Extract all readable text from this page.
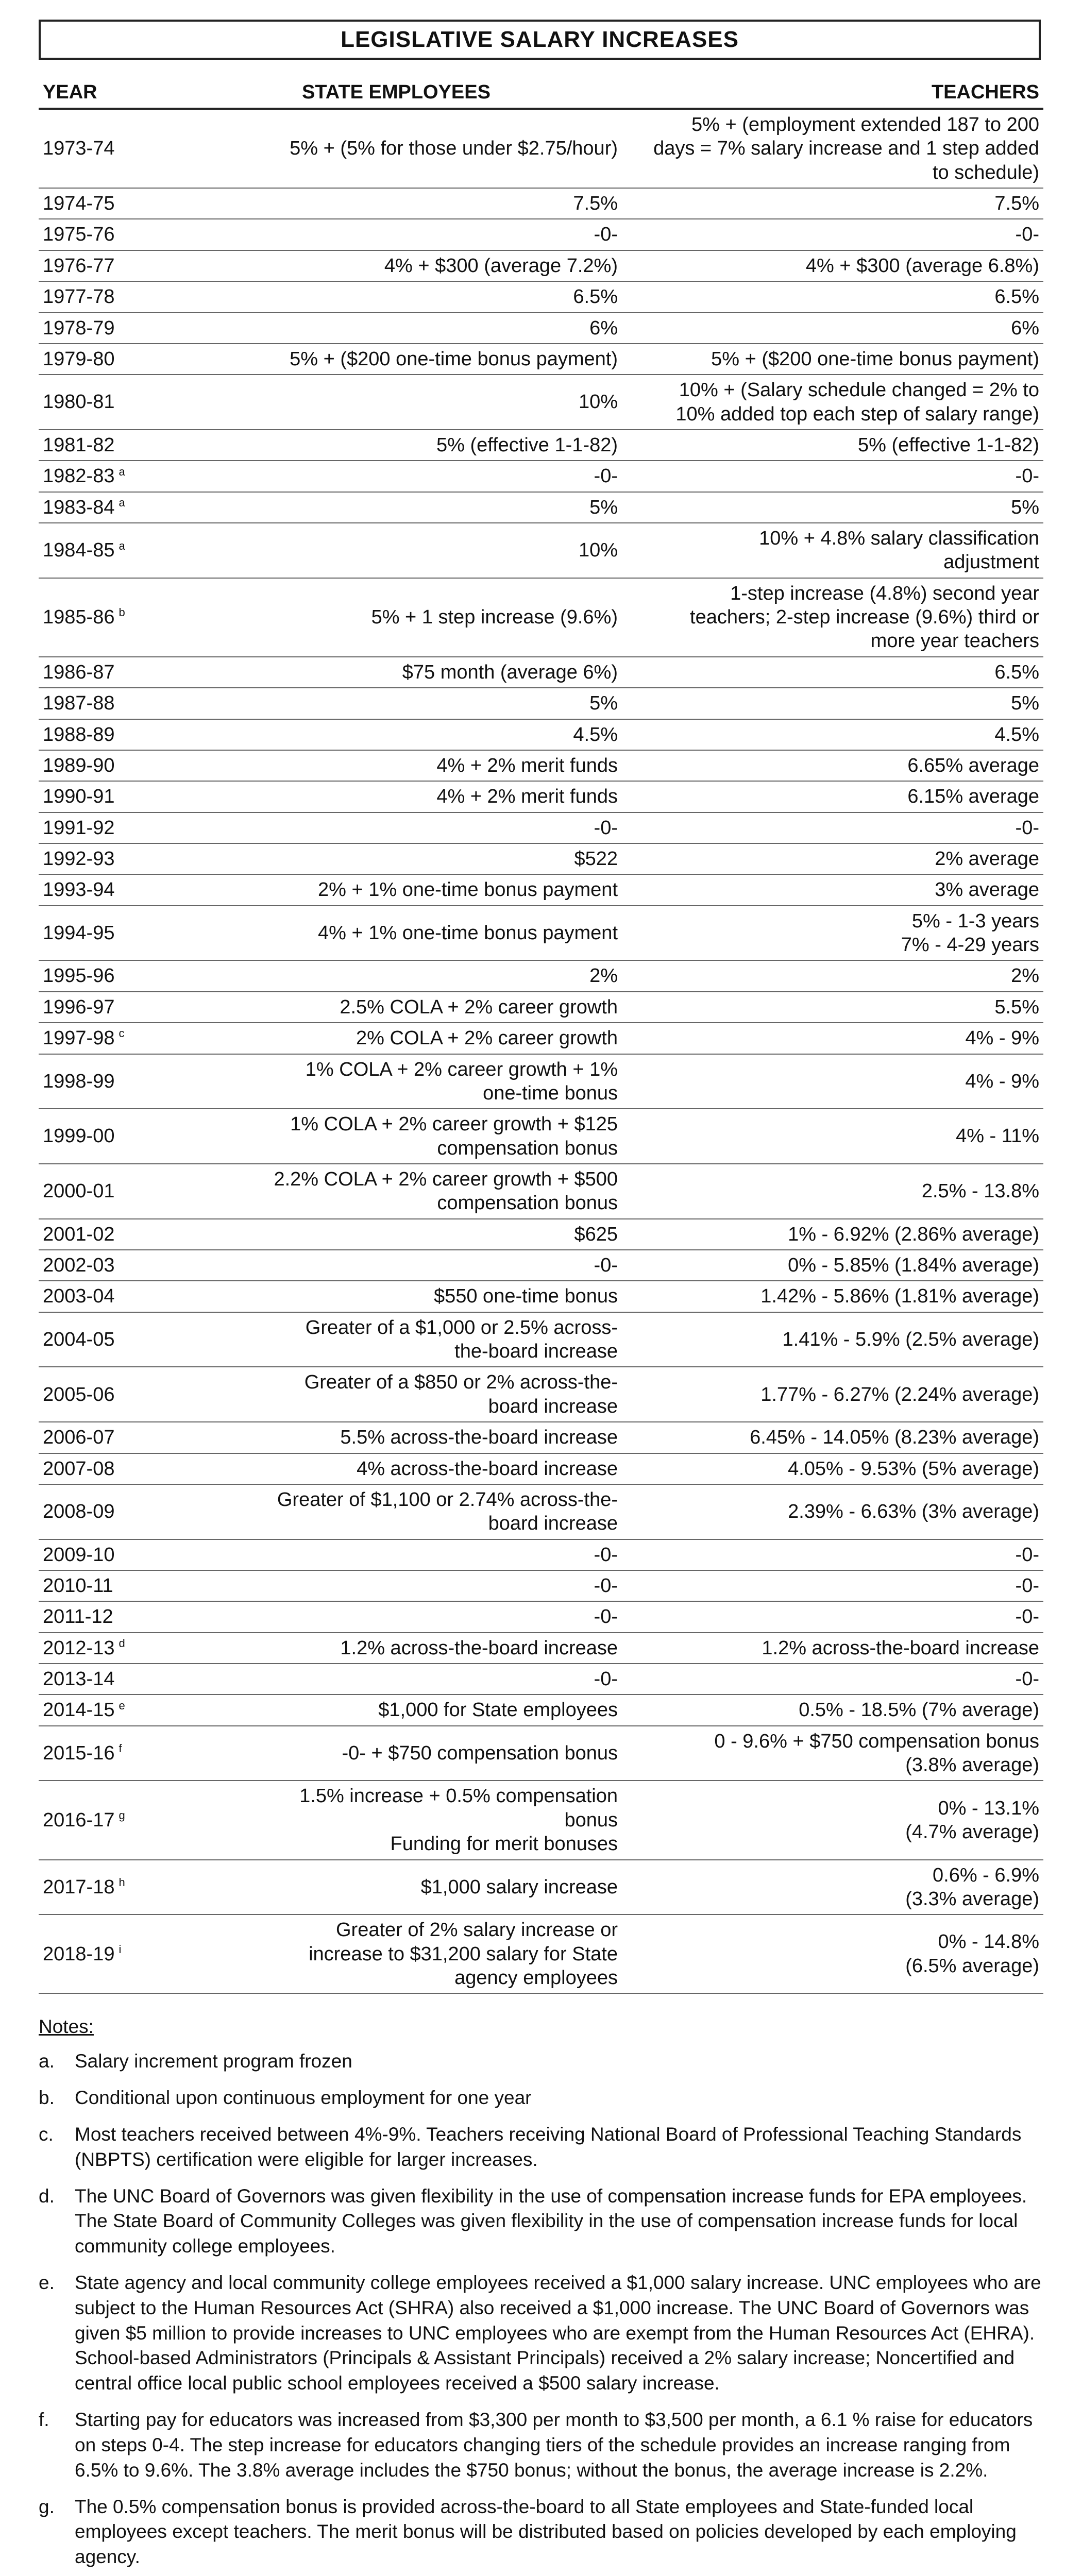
LEGISLATIVE SALARY INCREASES
YEAR	STATE EMPLOYEES	TEACHERS
1973-74	5% + (5% for those under $2.75/hour)	5% + (employment extended 187 to 200
days = 7% salary increase and 1 step added
to schedule)

1974-75	7.5%	7.5%

1975-76	-0-	-0-

1976-77	4% + $300 (average 7.2%)	4% + $300 (average 6.8%)

1977-78	6.5%	6.5%

1978-79	6%	6%

1979-80	5% + ($200 one-time bonus payment)	5% + ($200 one-time bonus payment)

1980-81	10%	10% + (Salary schedule changed = 2% to
10% added top each step of salary range)

1981-82	5% (effective 1-1-82)	5% (effective 1-1-82)

1982-83 $^a$	-0-	-0-

1983-84 $^a$	5%	5%

1984-85 $^a$	10%	10% + 4.8% salary classification
adjustment

1985-86 $^b$	5% + 1 step increase (9.6%)	1-step increase (4.8%) second year
teachers; 2-step increase (9.6%) third or
more year teachers

1986-87	$75 month (average 6%)	6.5%

1987-88	5%	5%

1988-89	4.5%	4.5%

1989-90	4% + 2% merit funds	6.65% average

1990-91	4% + 2% merit funds	6.15% average

1991-92	-0-	-0-

1992-93	$522	2% average

1993-94	2% + 1% one-time bonus payment	3% average

1994-95	4% + 1% one-time bonus payment	5% - 1-3 years
7% - 4-29 years

1995-96	2%	2%

1996-97	2.5% COLA + 2% career growth	5.5%

1997-98 $^c$	2% COLA + 2% career growth	4% - 9%

1998-99	1% COLA + 2% career growth + 1%
one-time bonus	4% - 9%

1999-00	1% COLA + 2% career growth + $125
compensation bonus	4% - 11%

2000-01	2.2% COLA + 2% career growth + $500
compensation bonus	2.5% - 13.8%

2001-02	$625	1% - 6.92% (2.86% average)

2002-03	-0-	0% - 5.85% (1.84% average)

2003-04	$550 one-time bonus	1.42% - 5.86% (1.81% average)

2004-05	Greater of a $1,000 or 2.5% across-
the-board increase	1.41% - 5.9% (2.5% average)

2005-06	Greater of a $850 or 2% across-the-
board increase	1.77% - 6.27% (2.24% average)

2006-07	5.5% across-the-board increase	6.45% - 14.05% (8.23% average)

2007-08	4% across-the-board increase	4.05% - 9.53% (5% average)

2008-09	Greater of $1,100 or 2.74% across-the-
board increase	2.39% - 6.63% (3% average)

2009-10	-0-	-0-

2010-11	-0-	-0-

2011-12	-0-	-0-

2012-13 $^d$	1.2% across-the-board increase	1.2% across-the-board increase

2013-14	-0-	-0-

2014-15 $^e$	$1,000 for State employees	0.5% - 18.5% (7% average)

2015-16 $^f$	-0- + $750 compensation bonus	0 - 9.6% + $750 compensation bonus
(3.8% average)

2016-17 $^g$	1.5% increase + 0.5% compensation
bonus
Funding for merit bonuses	0% - 13.1%
(4.7% average)

2017-18 $^h$	$1,000 salary increase	0.6% - 6.9%
(3.3% average)

2018-19 $^i$	Greater of 2% salary increase or
increase to $31,200 salary for State
agency employees	0% - 14.8%
(6.5% average)
Notes:
a.	Salary increment program frozen
b.	Conditional upon continuous employment for one year
c.	Most teachers received between 4%-9%. Teachers receiving National Board of Professional Teaching Standards (NBPTS) certification were eligible for larger increases.
d.	The UNC Board of Governors was given flexibility in the use of compensation increase funds for EPA employees. The State Board of Community Colleges was given flexibility in the use of compensation increase funds for local community college employees.
e.	State agency and local community college employees received a $1,000 salary increase. UNC employees who are subject to the Human Resources Act (SHRA) also received a $1,000 increase. The UNC Board of Governors was given $5 million to provide increases to UNC employees who are exempt from the Human Resources Act (EHRA). School-based Administrators (Principals & Assistant Principals) received a 2% salary increase; Noncertified and central office local public school employees received a $500 salary increase.
f.	Starting pay for educators was increased from $3,300 per month to $3,500 per month, a 6.1 % raise for educators on steps 0-4. The step increase for educators changing tiers of the schedule provides an increase ranging from 6.5% to 9.6%. The 3.8% average includes the $750 bonus; without the bonus, the average increase is 2.2%.
g.	The 0.5% compensation bonus is provided across-the-board to all State employees and State-funded local employees except teachers. The merit bonus will be distributed based on policies developed by each employing agency.
